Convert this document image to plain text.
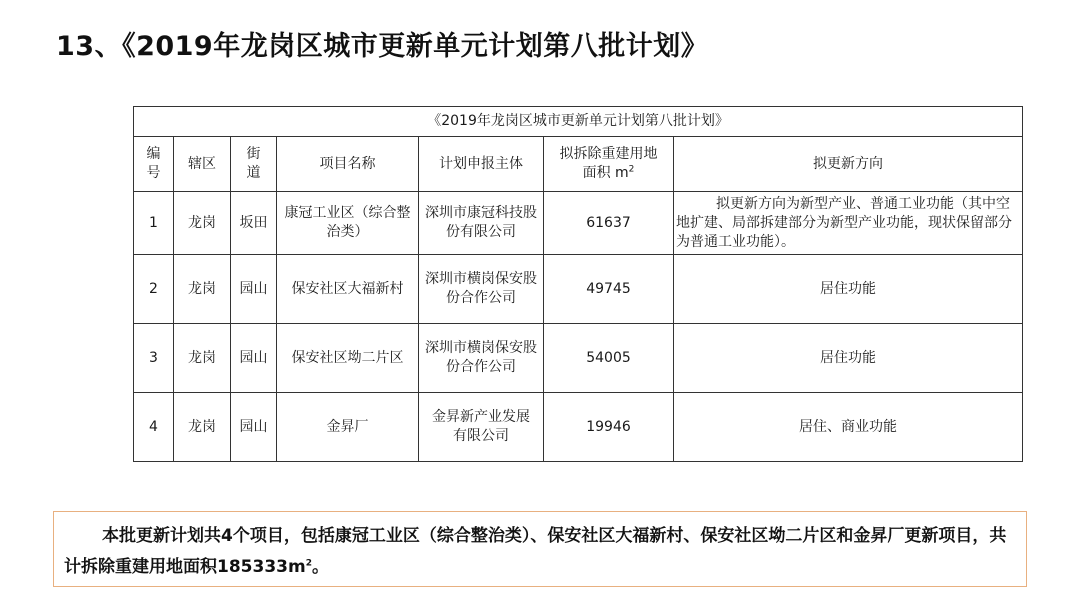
13、《2019年龙岗区城市更新单元计划第八批计划》
《2019年龙岗区城市更新单元计划第八批计划》						
编号	辖区	街道	项目名称	计划申报主体	拟拆除重建用地面积 $m^2$	拟更新方向
1	龙岗	坂田	康冠工业区（综合整治类）	深圳市康冠科技股份有限公司	61637	拟更新方向为新型产业、普通工业功能（其中空地扩建、局部拆建部分为新型产业功能，现状保留部分为普通工业功能）。

2	龙岗	园山	保安社区大福新村	深圳市横岗保安股份合作公司	49745	居住功能
3	龙岗	园山	保安社区坳二片区	深圳市横岗保安股份合作公司	54005	居住功能
4	龙岗	园山	金昇厂	金昇新产业发展有限公司	19946	居住、商业功能
本批更新计划共4个项目，包括康冠工业区（综合整治类）、保安社区大福新村、保安社区坳二片区和金昇厂更新项目，共计拆除重建用地面积$185333m^2$。
